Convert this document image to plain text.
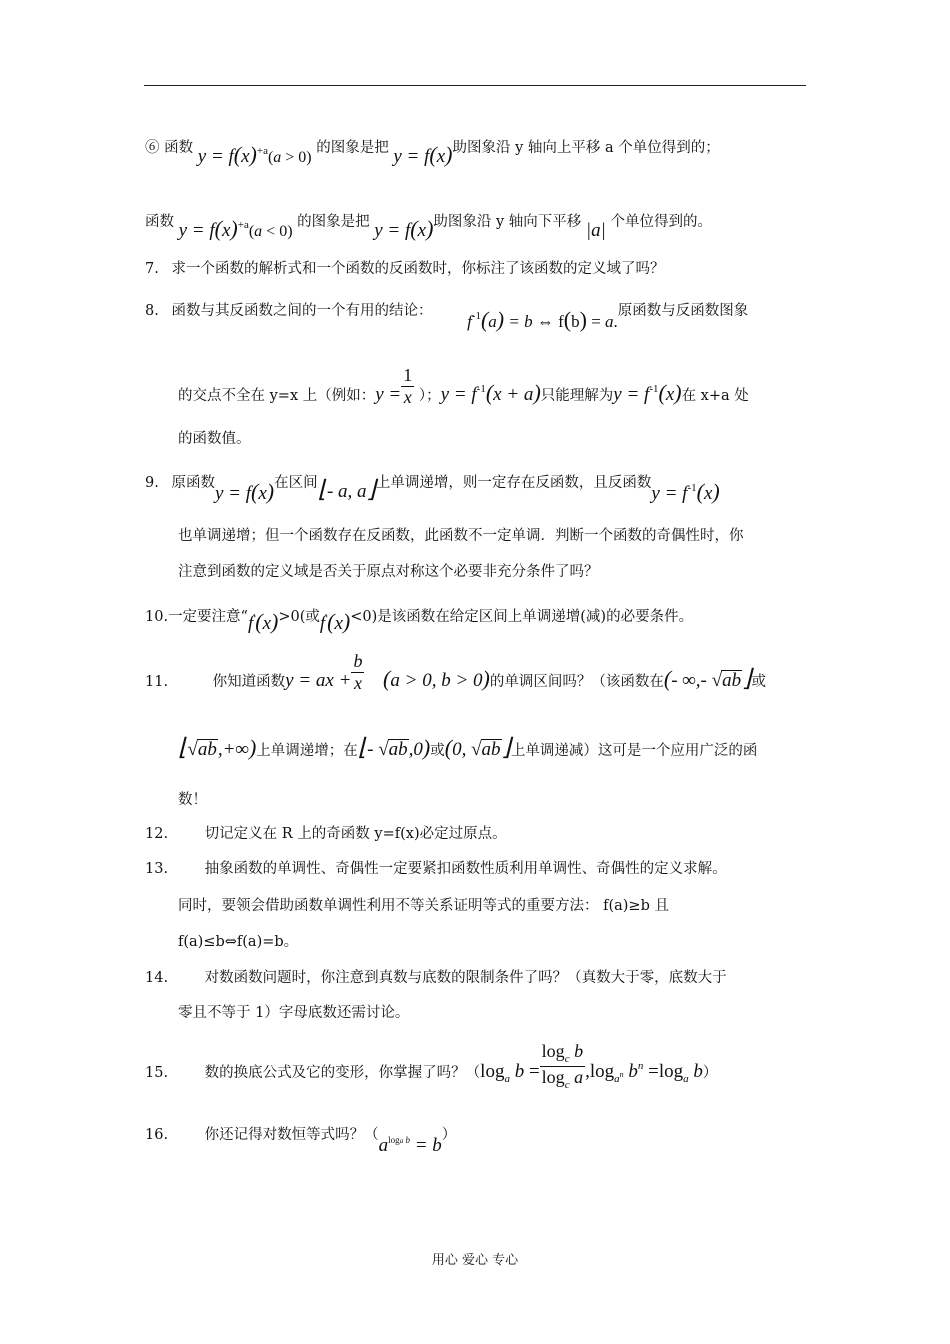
⑥ 函数 $y = f(x)^{+a}(a > 0)$ 的图象是把 y = f(x)助图象沿 y 轴向上平移 a 个单位得到的；
函数 $y = f(x)^{+a}(a < 0)$ 的图象是把 y = f(x)助图象沿 y 轴向下平移 |a| 个单位得到的。
7. 求一个函数的解析式和一个函数的反函数时，你标注了该函数的定义域了吗？
8. 函数与其反函数之间的一个有用的结论： $f_{-1}(a) = b$ ⇔ f(b) = a.原函数与反函数图象
的交点不全在 y=x 上（例如：$y = \frac{1}{x}$ ）；$y = f^{-1}(x + a)$只能理解为$y = f^{-1}(x)$在 x+a 处
的函数值。
9. 原函数y = f(x)在区间⌊- a, a⌋上单调递增，则一定存在反函数，且反函数$y = f_{-1}(x)$
也单调递增；但一个函数存在反函数，此函数不一定单调．判断一个函数的奇偶性时，你
注意到函数的定义域是否关于原点对称这个必要非充分条件了吗？
10.一定要注意“f'(x)>0(或f'(x)<0)是该函数在给定区间上单调递增(减)的必要条件。
11.	你知道函数y = ax + $\frac{b}{x} (a > 0$, b > 0)的单调区间吗？（该函数在(- ∞,- √ab⌋或
⌊√ab,+∞)上单调递增；在⌊- √ab,0)或(0, √ab⌋上单调递减）这可是一个应用广泛的函
数！
12.	切记定义在 R 上的奇函数 y=f(x)必定过原点。
13.	抽象函数的单调性、奇偶性一定要紧扣函数性质利用单调性、奇偶性的定义求解。
同时，要领会借助函数单调性利用不等关系证明等式的重要方法： f(a)≥b 且
f(a)≤b⇔f(a)=b。
14.	对数函数问题时，你注意到真数与底数的限制条件了吗？（真数大于零，底数大于
零且不等于 1）字母底数还需讨论。
15.	数的换底公式及它的变形，你掌握了吗？（$\log_a$ $b = \frac{\log_c b}{\log_c a} ,\log_{a^n}$ $b^n =\log_a$ b）
16.	你还记得对数恒等式吗？$(a_{loga b} = b)$
用心 爱心 专心
